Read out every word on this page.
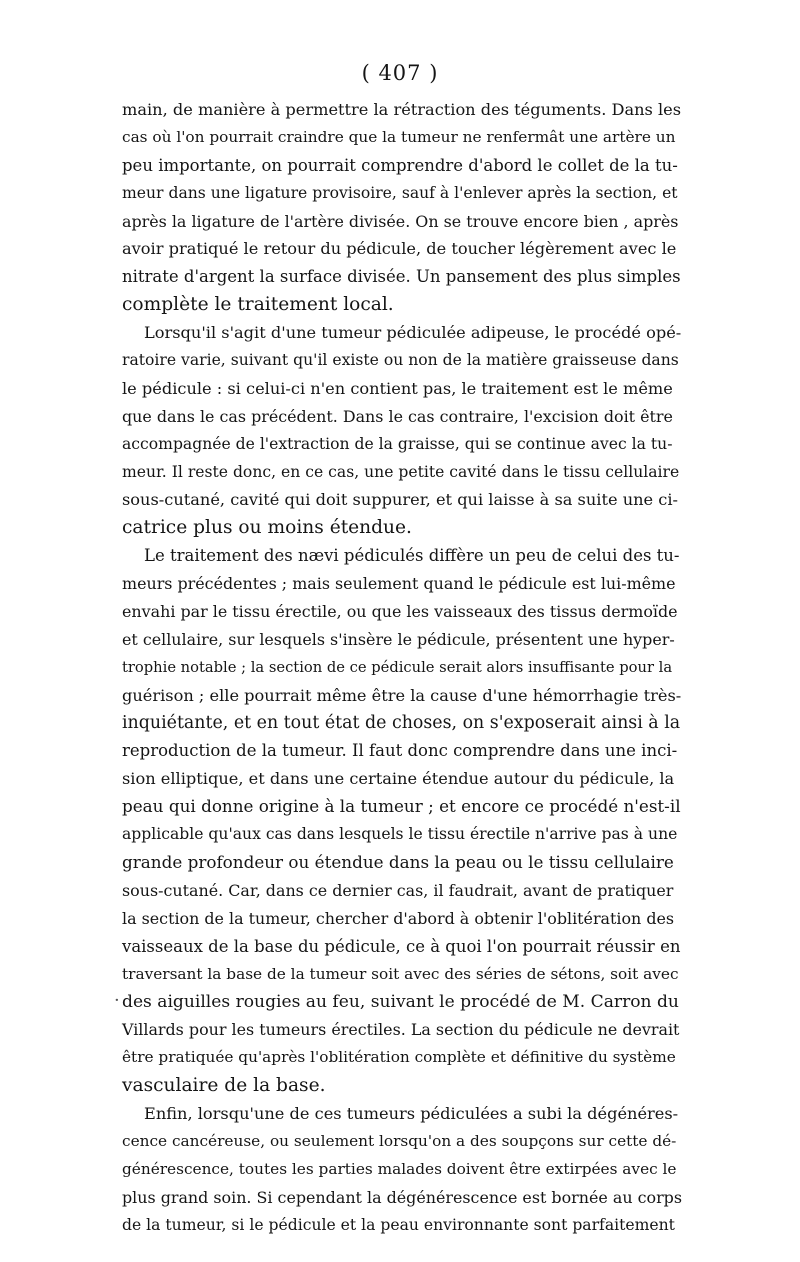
( 407 )
main, de manière à permettre la rétraction des téguments. Dans les
cas où l'on pourrait craindre que la tumeur ne renfermât une artère un
peu importante, on pourrait comprendre d'abord le collet de la tu-
meur dans une ligature provisoire, sauf à l'enlever après la section, et
après la ligature de l'artère divisée. On se trouve encore bien , après
avoir pratiqué le retour du pédicule, de toucher légèrement avec le
nitrate d'argent la surface divisée. Un pansement des plus simples
complète le traitement local.
Lorsqu'il s'agit d'une tumeur pédiculée adipeuse, le procédé opé-
ratoire varie, suivant qu'il existe ou non de la matière graisseuse dans
le pédicule : si celui-ci n'en contient pas, le traitement est le même
que dans le cas précédent. Dans le cas contraire, l'excision doit être
accompagnée de l'extraction de la graisse, qui se continue avec la tu-
meur. Il reste donc, en ce cas, une petite cavité dans le tissu cellulaire
sous-cutané, cavité qui doit suppurer, et qui laisse à sa suite une ci-
catrice plus ou moins étendue.
Le traitement des nævi pédiculés diffère un peu de celui des tu-
meurs précédentes ; mais seulement quand le pédicule est lui-même
envahi par le tissu érectile, ou que les vaisseaux des tissus dermoïde
et cellulaire, sur lesquels s'insère le pédicule, présentent une hyper-
trophie notable ; la section de ce pédicule serait alors insuffisante pour la
guérison ; elle pourrait même être la cause d'une hémorrhagie très-
inquiétante, et en tout état de choses, on s'exposerait ainsi à la
reproduction de la tumeur. Il faut donc comprendre dans une inci-
sion elliptique, et dans une certaine étendue autour du pédicule, la
peau qui donne origine à la tumeur ; et encore ce procédé n'est-il
applicable qu'aux cas dans lesquels le tissu érectile n'arrive pas à une
grande profondeur ou étendue dans la peau ou le tissu cellulaire
sous-cutané. Car, dans ce dernier cas, il faudrait, avant de pratiquer
la section de la tumeur, chercher d'abord à obtenir l'oblitération des
vaisseaux de la base du pédicule, ce à quoi l'on pourrait réussir en
traversant la base de la tumeur soit avec des séries de sétons, soit avec
des aiguilles rougies au feu, suivant le procédé de M. Carron du
Villards pour les tumeurs érectiles. La section du pédicule ne devrait
être pratiquée qu'après l'oblitération complète et définitive du système
vasculaire de la base.
Enfin, lorsqu'une de ces tumeurs pédiculées a subi la dégénéres-
cence cancéreuse, ou seulement lorsqu'on a des soupçons sur cette dé-
générescence, toutes les parties malades doivent être extirpées avec le
plus grand soin. Si cependant la dégénérescence est bornée au corps
de la tumeur, si le pédicule et la peau environnante sont parfaitement
·
